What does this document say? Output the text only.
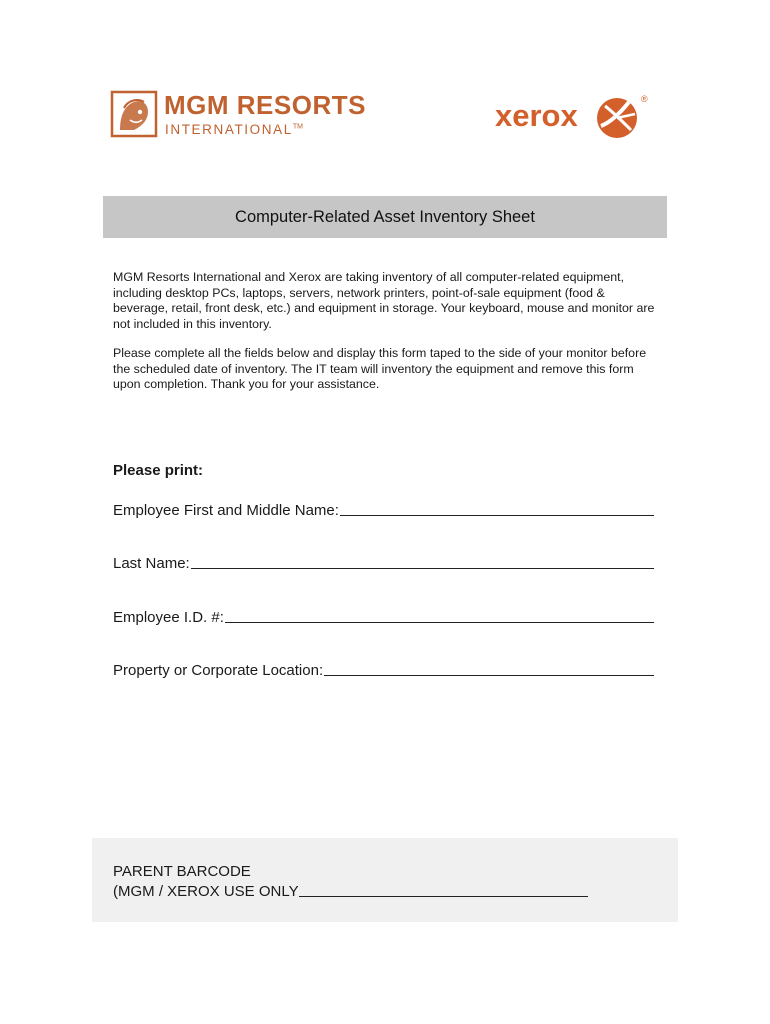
MGM RESORTS
INTERNATIONAL™	xerox	®
Computer-Related Asset Inventory Sheet
MGM Resorts International and Xerox are taking inventory of all computer-related equipment, including desktop PCs, laptops, servers, network printers, point-of-sale equipment (food & beverage, retail, front desk, etc.) and equipment in storage. Your keyboard, mouse and monitor are not included in this inventory.
Please complete all the fields below and display this form taped to the side of your monitor before the scheduled date of inventory. The IT team will inventory the equipment and remove this form upon completion. Thank you for your assistance.
Please print:
Employee First and Middle Name:
Last Name:
Employee I.D. #:
Property or Corporate Location:
PARENT BARCODE
(MGM / XEROX USE ONLY
